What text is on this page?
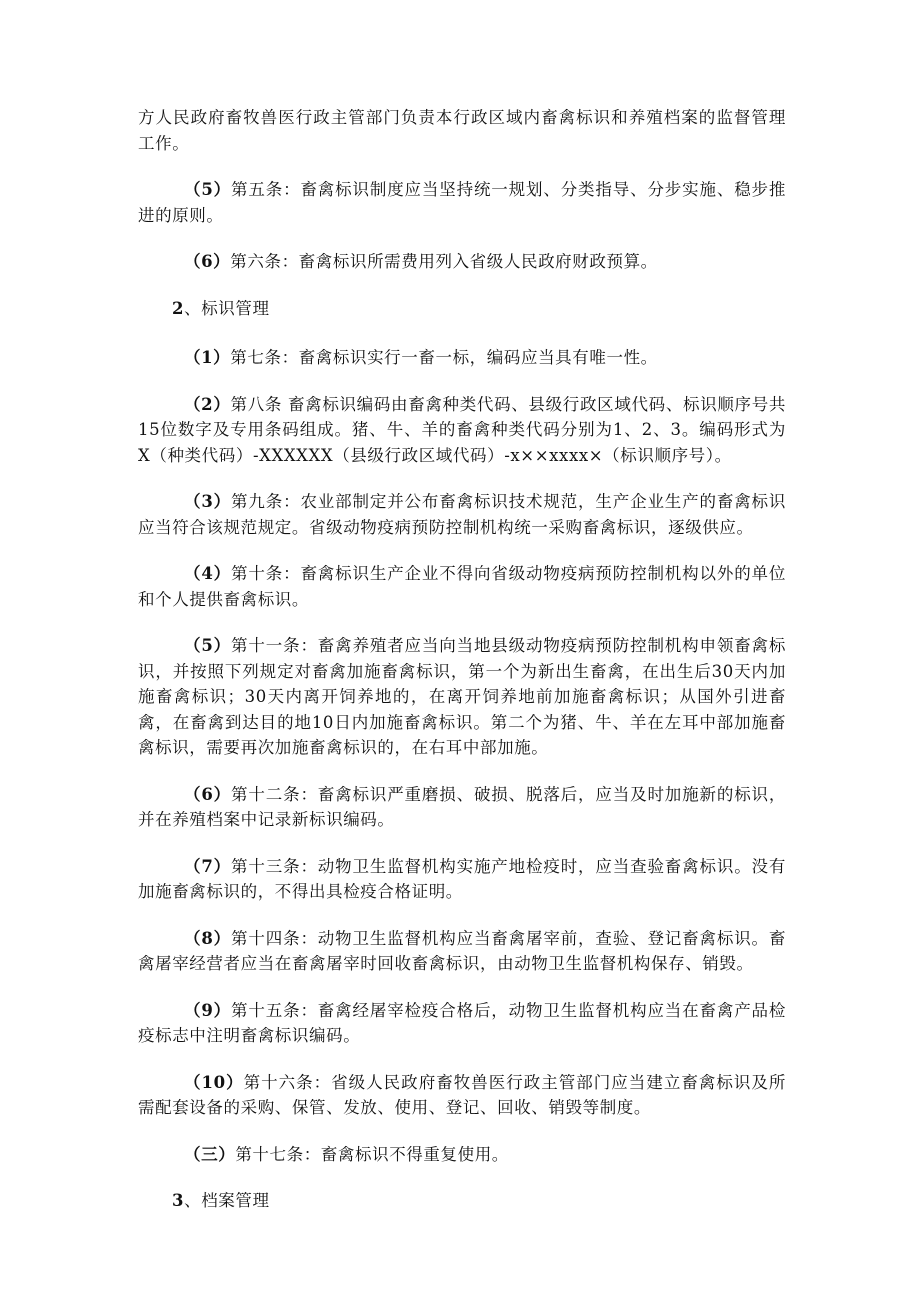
方人民政府畜牧兽医行政主管部门负责本行政区域内畜禽标识和养殖档案的监督管理工作。

（5）第五条：畜禽标识制度应当坚持统一规划、分类指导、分步实施、稳步推进的原则。

（6）第六条：畜禽标识所需费用列入省级人民政府财政预算。

2、标识管理

（1）第七条：畜禽标识实行一畜一标，编码应当具有唯一性。

（2）第八条 畜禽标识编码由畜禽种类代码、县级行政区域代码、标识顺序号共15位数字及专用条码组成。猪、牛、羊的畜禽种类代码分别为1、2、3。编码形式为X（种类代码）-XXXXXX（县级行政区域代码）-x××xxxx×（标识顺序号）。

（3）第九条：农业部制定并公布畜禽标识技术规范，生产企业生产的畜禽标识应当符合该规范规定。省级动物疫病预防控制机构统一采购畜禽标识，逐级供应。

（4）第十条：畜禽标识生产企业不得向省级动物疫病预防控制机构以外的单位和个人提供畜禽标识。

（5）第十一条：畜禽养殖者应当向当地县级动物疫病预防控制机构申领畜禽标识，并按照下列规定对畜禽加施畜禽标识，第一个为新出生畜禽，在出生后30天内加施畜禽标识；30天内离开饲养地的，在离开饲养地前加施畜禽标识；从国外引进畜禽，在畜禽到达目的地10日内加施畜禽标识。第二个为猪、牛、羊在左耳中部加施畜禽标识，需要再次加施畜禽标识的，在右耳中部加施。

（6）第十二条：畜禽标识严重磨损、破损、脱落后，应当及时加施新的标识，并在养殖档案中记录新标识编码。

（7）第十三条：动物卫生监督机构实施产地检疫时，应当查验畜禽标识。没有加施畜禽标识的，不得出具检疫合格证明。

（8）第十四条：动物卫生监督机构应当畜禽屠宰前，查验、登记畜禽标识。畜禽屠宰经营者应当在畜禽屠宰时回收畜禽标识，由动物卫生监督机构保存、销毁。

（9）第十五条：畜禽经屠宰检疫合格后，动物卫生监督机构应当在畜禽产品检疫标志中注明畜禽标识编码。

（10）第十六条：省级人民政府畜牧兽医行政主管部门应当建立畜禽标识及所需配套设备的采购、保管、发放、使用、登记、回收、销毁等制度。

（三）第十七条：畜禽标识不得重复使用。

3、档案管理
